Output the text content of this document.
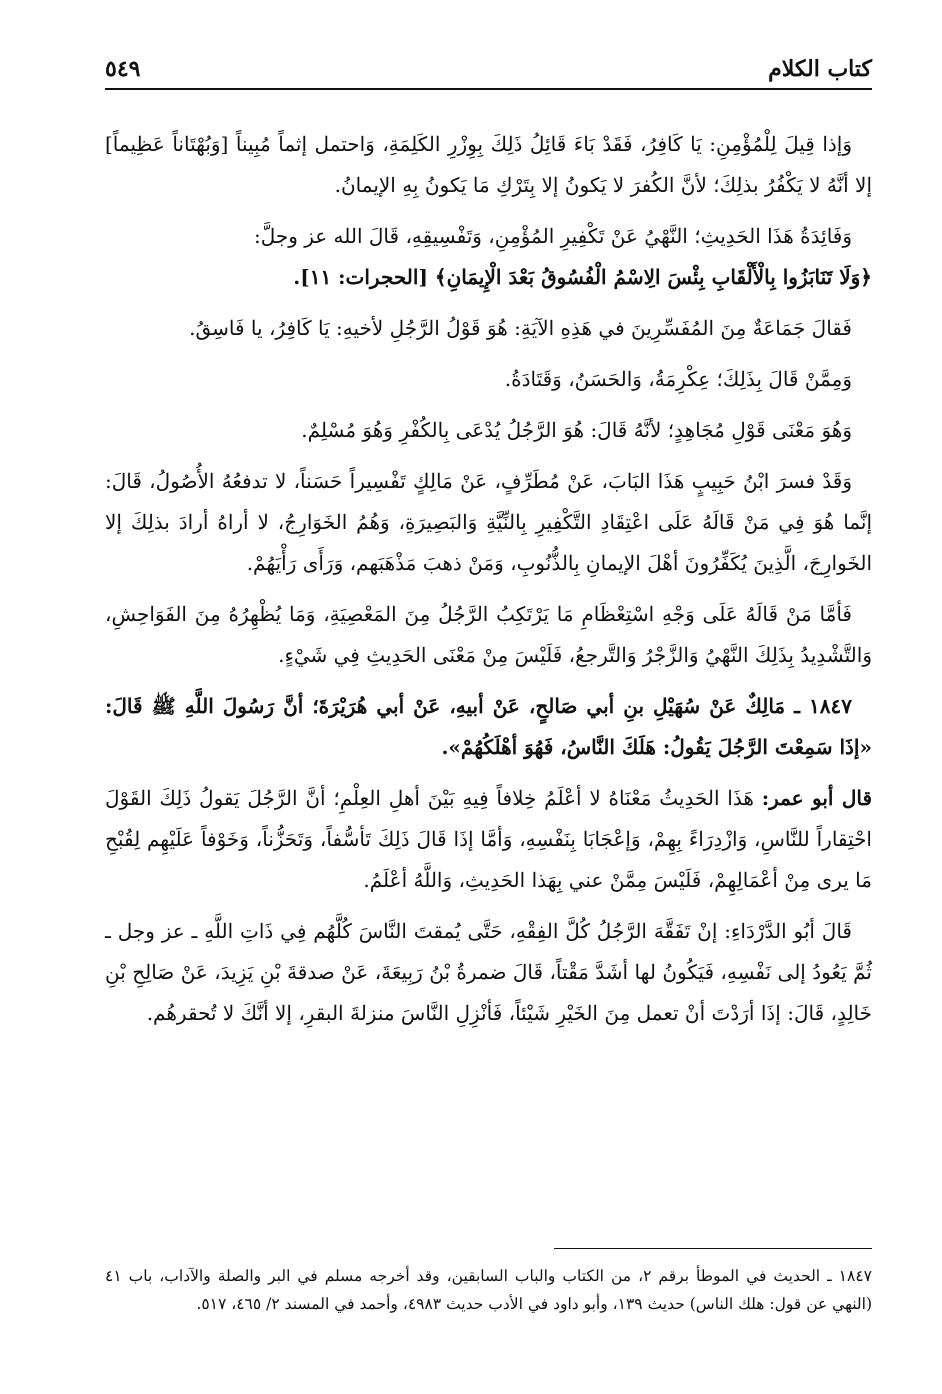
كتاب الكلام
٥٤٩

وَإذا قِيلَ لِلْمُؤْمِنِ: يَا كَافِرُ، فَقَدْ بَاءَ قَائِلُ ذَلِكَ بِوِزْرِ الكَلِمَةِ، وَاحتمل إثماً مُبِيناً [وَبُهْتَاناً عَظِيماً] إلا أنَّهُ لا يَكْفُرُ بذلِكَ؛ لأنَّ الكُفرَ لا يَكونُ إلا بِتَرْكِ مَا يَكونُ بِهِ الإيمانُ.

وَفَائِدَةُ هَذَا الحَدِيثِ؛ النَّهْيُ عَنْ تَكْفِيرِ المُؤْمِنِ، وَتَفْسِيقِهِ، قَالَ الله عز وجلَّ:

﴿وَلَا تَنَابَزُوا بِالْأَلْقَابِ بِئْسَ الِاسْمُ الْفُسُوقُ بَعْدَ الْإِيمَانِ﴾ [الحجرات: ١١].

فَقالَ جَمَاعَةٌ مِنَ المُفَسِّرِينَ في هَذِهِ الآيَةِ: هُوَ قَوْلُ الرَّجُلِ لأخيهِ: يَا كَافِرُ، يا فَاسِقُ.

وَمِمَّنْ قَالَ بِذَلِكَ؛ عِكْرِمَةُ، وَالحَسَنُ، وَقَتَادَةُ.

وَهُوَ مَعْنَى قَوْلِ مُجَاهِدٍ؛ لأنَّهُ قَالَ: هُوَ الرَّجُلُ يُدْعَى بِالكُفْرِ وَهُوَ مُسْلِمٌ.

وَقَدْ فسرَ ابْنُ حَبِيبٍ هَذَا البَابَ، عَنْ مُطَرِّفٍ، عَنْ مَالِكٍ تَفْسِيراً حَسَناً، لا تدفعُهُ الأُصُولُ، قَالَ: إنَّما هُوَ فِي مَنْ قَالَهُ عَلَى اعْتِقَادِ التَّكْفِيرِ بِالنِّيَّةِ وَالبَصِيرَةِ، وَهُمُ الخَوَارِجُ، لا أراهُ أرادَ بذلِكَ إلا الخَوارِجَ، الَّذِينَ يُكَفِّرُونَ أهْلَ الإيمانِ بِالذُّنُوبِ، وَمَنْ ذهبَ مَذْهَبَهم، وَرَأَى رَأْيَهُمْ.

فَأمَّا مَنْ قَالَهُ عَلَى وَجْهِ اسْتِعْظَامِ مَا يَرْتَكِبُ الرَّجُلُ مِنَ المَعْصِيَةِ، وَمَا يُظْهِرُهُ مِنَ الفَوَاحِشِ، وَالتَّشْدِيدُ بِذَلِكَ النَّهْيُ وَالزَّجْرُ وَالتَّرجعُ، فَلَيْسَ مِنْ مَعْنَى الحَدِيثِ فِي شَيْءٍ.

١٨٤٧ ـ مَالِكٌ عَنْ سُهَيْلِ بنِ أبي صَالحٍ، عَنْ أبيهِ، عَنْ أبي هُرَيْرَةَ؛ أنَّ رَسُولَ اللَّهِ ﷺ قَالَ: «إذَا سَمِعْتَ الرَّجُلَ يَقُولُ: هَلَكَ النَّاسُ، فَهُوَ أهْلَكُهُمْ».

قال أبو عمر: هَذَا الحَدِيثُ مَعْنَاهُ لا أعْلَمُ خِلافاً فِيهِ بَيْنَ أهلِ العِلْمِ؛ أنَّ الرَّجُلَ يَقولُ ذَلِكَ القَوْلَ احْتِقاراً للنَّاسِ، وَازْدِرَاءً بِهِمْ، وَإعْجَابَا بِنَفْسِهِ، وَأمَّا إذَا قَالَ ذَلِكَ تَأسُّفاً، وَتَحَزُّناً، وَخَوْفاً عَلَيْهِم لِقُبْحِ مَا يرى مِنْ أعْمَالِهِمْ، فَلَيْسَ مِمَّنْ عني بِهَذا الحَدِيثِ، وَاللَّهُ أعْلَمُ.

قَالَ أبُو الدَّرْدَاءِ: إنْ تَفَقَّهَ الرَّجُلُ كُلَّ الفِقْهِ، حَتَّى يُمقتَ النَّاسَ كُلَّهُم فِي ذَاتِ اللَّهِ ـ عز وجل ـ ثُمَّ يَعُودُ إلى نَفْسِهِ، فَيَكُونُ لها أشَدَّ مَقْتاً، قَالَ ضمرةُ بْنُ رَبِيعَةَ، عَنْ صدقةَ بْنِ يَزِيدَ، عَنْ صَالِحِ بْنِ خَالِدٍ، قَالَ: إذَا أرَدْتَ أنْ تعمل مِنَ الخَيْرِ شَيْئاً، فَأنْزِلِ النَّاسَ منزلةَ البقرِ، إلا أنَّكَ لا تُحقرهُم.

١٨٤٧ ـ الحديث في الموطأ برقم ٢، من الكتاب والباب السابقين، وقد أخرجه مسلم في البر والصلة والآداب، باب ٤١ (النهي عن قول: هلك الناس) حديث ١٣٩، وأبو داود في الأدب حديث ٤٩٨٣، وأحمد في المسند ٢/ ٤٦٥، ٥١٧.
